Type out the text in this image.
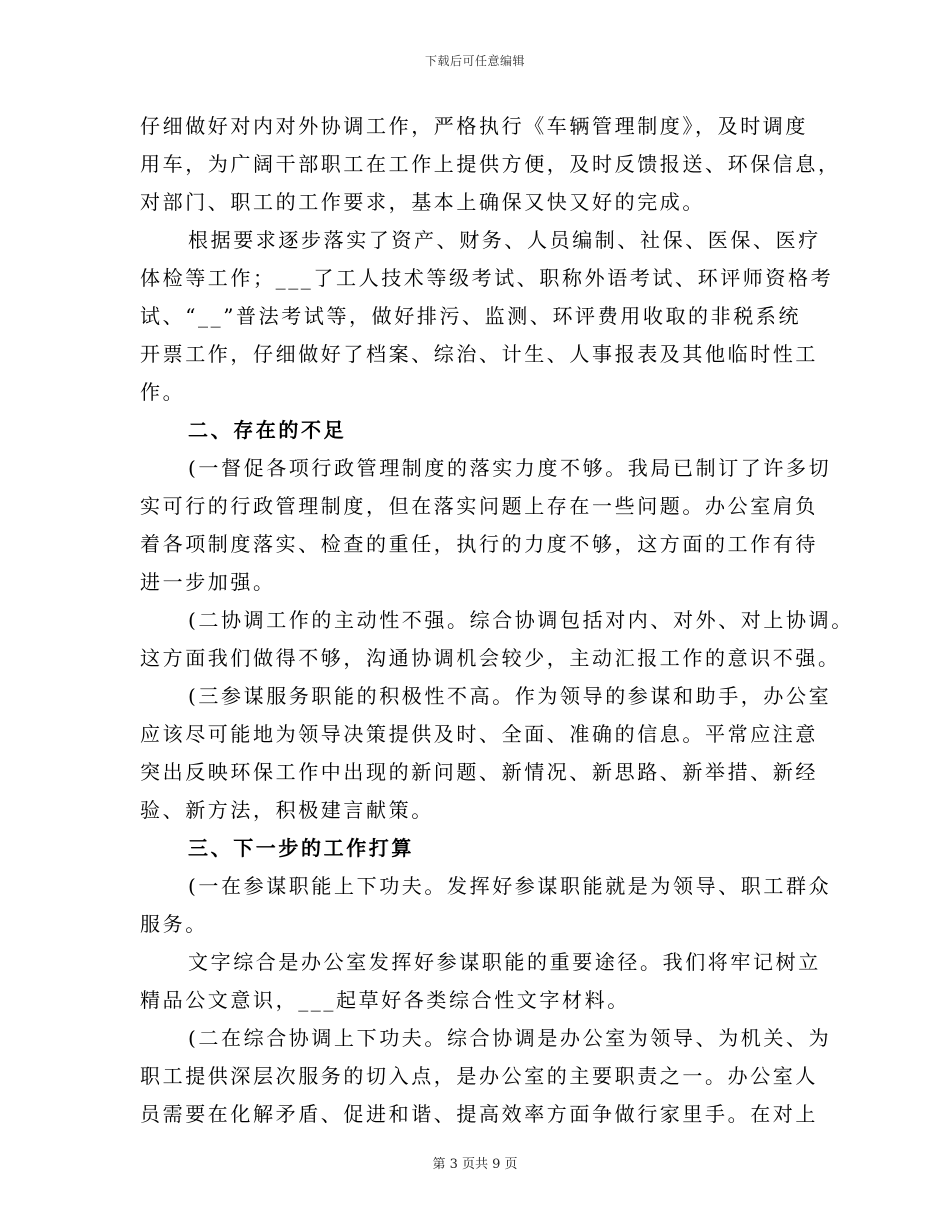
下载后可任意编辑
仔细做好对内对外协调工作，严格执行《车辆管理制度》，及时调度
用车，为广阔干部职工在工作上提供方便，及时反馈报送、环保信息，
对部门、职工的工作要求，基本上确保又快又好的完成。
根据要求逐步落实了资产、财务、人员编制、社保、医保、医疗
体检等工作；___了工人技术等级考试、职称外语考试、环评师资格考
试、“__”普法考试等，做好排污、监测、环评费用收取的非税系统
开票工作，仔细做好了档案、综治、计生、人事报表及其他临时性工
作。
二、存在的不足
(一督促各项行政管理制度的落实力度不够。我局已制订了许多切
实可行的行政管理制度，但在落实问题上存在一些问题。办公室肩负
着各项制度落实、检查的重任，执行的力度不够，这方面的工作有待
进一步加强。
(二协调工作的主动性不强。综合协调包括对内、对外、对上协调。
这方面我们做得不够，沟通协调机会较少，主动汇报工作的意识不强。
(三参谋服务职能的积极性不高。作为领导的参谋和助手，办公室
应该尽可能地为领导决策提供及时、全面、准确的信息。平常应注意
突出反映环保工作中出现的新问题、新情况、新思路、新举措、新经
验、新方法，积极建言献策。
三、下一步的工作打算
(一在参谋职能上下功夫。发挥好参谋职能就是为领导、职工群众
服务。
文字综合是办公室发挥好参谋职能的重要途径。我们将牢记树立
精品公文意识，___起草好各类综合性文字材料。
(二在综合协调上下功夫。综合协调是办公室为领导、为机关、为
职工提供深层次服务的切入点，是办公室的主要职责之一。办公室人
员需要在化解矛盾、促进和谐、提高效率方面争做行家里手。在对上
第 3 页共 9 页
